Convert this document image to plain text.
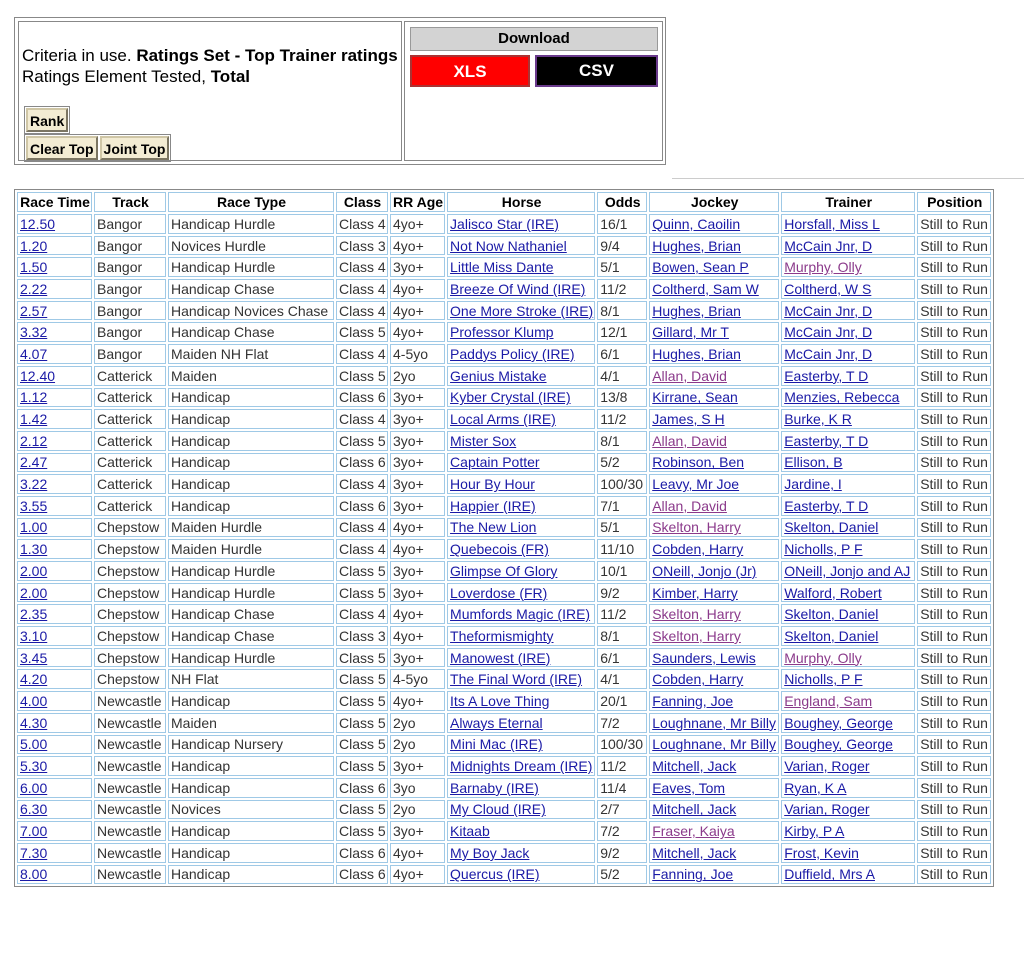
Criteria in use. Ratings Set - Top Trainer ratings
Ratings Element Tested, Total
Rank
Clear Top Joint Top
Download
XLS	CSV
Race Time	Track	Race Type	Class	RR Age	Horse	Odds	Jockey	Trainer	Position
12.50	Bangor	Handicap Hurdle	Class 4	4yo+	Jalisco Star (IRE)	16/1	Quinn, Caoilin	Horsfall, Miss L	Still to Run
1.20	Bangor	Novices Hurdle	Class 3	4yo+	Not Now Nathaniel	9/4	Hughes, Brian	McCain Jnr, D	Still to Run
1.50	Bangor	Handicap Hurdle	Class 4	3yo+	Little Miss Dante	5/1	Bowen, Sean P	Murphy, Olly	Still to Run
2.22	Bangor	Handicap Chase	Class 4	4yo+	Breeze Of Wind (IRE)	11/2	Coltherd, Sam W	Coltherd, W S	Still to Run
2.57	Bangor	Handicap Novices Chase	Class 4	4yo+	One More Stroke (IRE)	8/1	Hughes, Brian	McCain Jnr, D	Still to Run
3.32	Bangor	Handicap Chase	Class 5	4yo+	Professor Klump	12/1	Gillard, Mr T	McCain Jnr, D	Still to Run
4.07	Bangor	Maiden NH Flat	Class 4	4-5yo	Paddys Policy (IRE)	6/1	Hughes, Brian	McCain Jnr, D	Still to Run
12.40	Catterick	Maiden	Class 5	2yo	Genius Mistake	4/1	Allan, David	Easterby, T D	Still to Run
1.12	Catterick	Handicap	Class 6	3yo+	Kyber Crystal (IRE)	13/8	Kirrane, Sean	Menzies, Rebecca	Still to Run
1.42	Catterick	Handicap	Class 4	3yo+	Local Arms (IRE)	11/2	James, S H	Burke, K R	Still to Run
2.12	Catterick	Handicap	Class 5	3yo+	Mister Sox	8/1	Allan, David	Easterby, T D	Still to Run
2.47	Catterick	Handicap	Class 6	3yo+	Captain Potter	5/2	Robinson, Ben	Ellison, B	Still to Run
3.22	Catterick	Handicap	Class 4	3yo+	Hour By Hour	100/30	Leavy, Mr Joe	Jardine, I	Still to Run
3.55	Catterick	Handicap	Class 6	3yo+	Happier (IRE)	7/1	Allan, David	Easterby, T D	Still to Run
1.00	Chepstow	Maiden Hurdle	Class 4	4yo+	The New Lion	5/1	Skelton, Harry	Skelton, Daniel	Still to Run
1.30	Chepstow	Maiden Hurdle	Class 4	4yo+	Quebecois (FR)	11/10	Cobden, Harry	Nicholls, P F	Still to Run
2.00	Chepstow	Handicap Hurdle	Class 5	3yo+	Glimpse Of Glory	10/1	ONeill, Jonjo (Jr)	ONeill, Jonjo and AJ	Still to Run
2.00	Chepstow	Handicap Hurdle	Class 5	3yo+	Loverdose (FR)	9/2	Kimber, Harry	Walford, Robert	Still to Run
2.35	Chepstow	Handicap Chase	Class 4	4yo+	Mumfords Magic (IRE)	11/2	Skelton, Harry	Skelton, Daniel	Still to Run
3.10	Chepstow	Handicap Chase	Class 3	4yo+	Theformismighty	8/1	Skelton, Harry	Skelton, Daniel	Still to Run
3.45	Chepstow	Handicap Hurdle	Class 5	3yo+	Manowest (IRE)	6/1	Saunders, Lewis	Murphy, Olly	Still to Run
4.20	Chepstow	NH Flat	Class 5	4-5yo	The Final Word (IRE)	4/1	Cobden, Harry	Nicholls, P F	Still to Run
4.00	Newcastle	Handicap	Class 5	4yo+	Its A Love Thing	20/1	Fanning, Joe	England, Sam	Still to Run
4.30	Newcastle	Maiden	Class 5	2yo	Always Eternal	7/2	Loughnane, Mr Billy	Boughey, George	Still to Run
5.00	Newcastle	Handicap Nursery	Class 5	2yo	Mini Mac (IRE)	100/30	Loughnane, Mr Billy	Boughey, George	Still to Run
5.30	Newcastle	Handicap	Class 5	3yo+	Midnights Dream (IRE)	11/2	Mitchell, Jack	Varian, Roger	Still to Run
6.00	Newcastle	Handicap	Class 6	3yo	Barnaby (IRE)	11/4	Eaves, Tom	Ryan, K A	Still to Run
6.30	Newcastle	Novices	Class 5	2yo	My Cloud (IRE)	2/7	Mitchell, Jack	Varian, Roger	Still to Run
7.00	Newcastle	Handicap	Class 5	3yo+	Kitaab	7/2	Fraser, Kaiya	Kirby, P A	Still to Run
7.30	Newcastle	Handicap	Class 6	4yo+	My Boy Jack	9/2	Mitchell, Jack	Frost, Kevin	Still to Run
8.00	Newcastle	Handicap	Class 6	4yo+	Quercus (IRE)	5/2	Fanning, Joe	Duffield, Mrs A	Still to Run
